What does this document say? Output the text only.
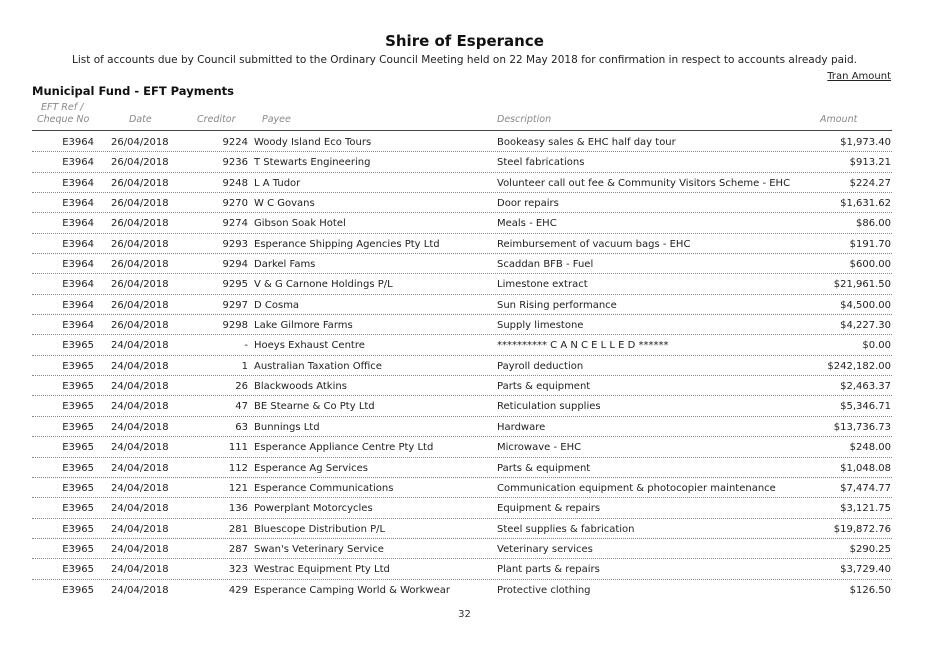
Shire of Esperance
List of accounts due by Council submitted to the Ordinary Council Meeting held on 22 May 2018 for confirmation in respect to accounts already paid.
Tran Amount
Municipal Fund - EFT Payments
EFT Ref /
Cheque No	Date	Creditor	Payee	Description	Amount
E3964 26/04/2018	9224 Woody Island Eco Tours	Bookeasy sales & EHC half day tour	$1,973.40
E3964 26/04/2018	9236 T Stewarts Engineering	Steel fabrications	$913.21
E3964 26/04/2018	9248 L A Tudor	Volunteer call out fee & Community Visitors Scheme - EHC	$224.27
E3964 26/04/2018	9270 W C Govans	Door repairs	$1,631.62
E3964 26/04/2018	9274 Gibson Soak Hotel	Meals - EHC	$86.00
E3964 26/04/2018	9293 Esperance Shipping Agencies Pty Ltd	Reimbursement of vacuum bags - EHC	$191.70
E3964 26/04/2018	9294 Darkel Fams	Scaddan BFB - Fuel	$600.00
E3964 26/04/2018	9295 V & G Carnone Holdings P/L	Limestone extract	$21,961.50
E3964 26/04/2018	9297 D Cosma	Sun Rising performance	$4,500.00
E3964 26/04/2018	9298 Lake Gilmore Farms	Supply limestone	$4,227.30
E3965 24/04/2018	- Hoeys Exhaust Centre	********** C A N C E L L E D ******	$0.00
E3965 24/04/2018	1 Australian Taxation Office	Payroll deduction	$242,182.00
E3965 24/04/2018	26 Blackwoods Atkins	Parts & equipment	$2,463.37
E3965 24/04/2018	47 BE Stearne & Co Pty Ltd	Reticulation supplies	$5,346.71
E3965 24/04/2018	63 Bunnings Ltd	Hardware	$13,736.73
E3965 24/04/2018	111 Esperance Appliance Centre Pty Ltd	Microwave - EHC	$248.00
E3965 24/04/2018	112 Esperance Ag Services	Parts & equipment	$1,048.08
E3965 24/04/2018	121 Esperance Communications	Communication equipment & photocopier maintenance	$7,474.77
E3965 24/04/2018	136 Powerplant Motorcycles	Equipment & repairs	$3,121.75
E3965 24/04/2018	281 Bluescope Distribution P/L	Steel supplies & fabrication	$19,872.76
E3965 24/04/2018	287 Swan's Veterinary Service	Veterinary services	$290.25
E3965 24/04/2018	323 Westrac Equipment Pty Ltd	Plant parts & repairs	$3,729.40
E3965 24/04/2018	429 Esperance Camping World & Workwear	Protective clothing	$126.50
32
